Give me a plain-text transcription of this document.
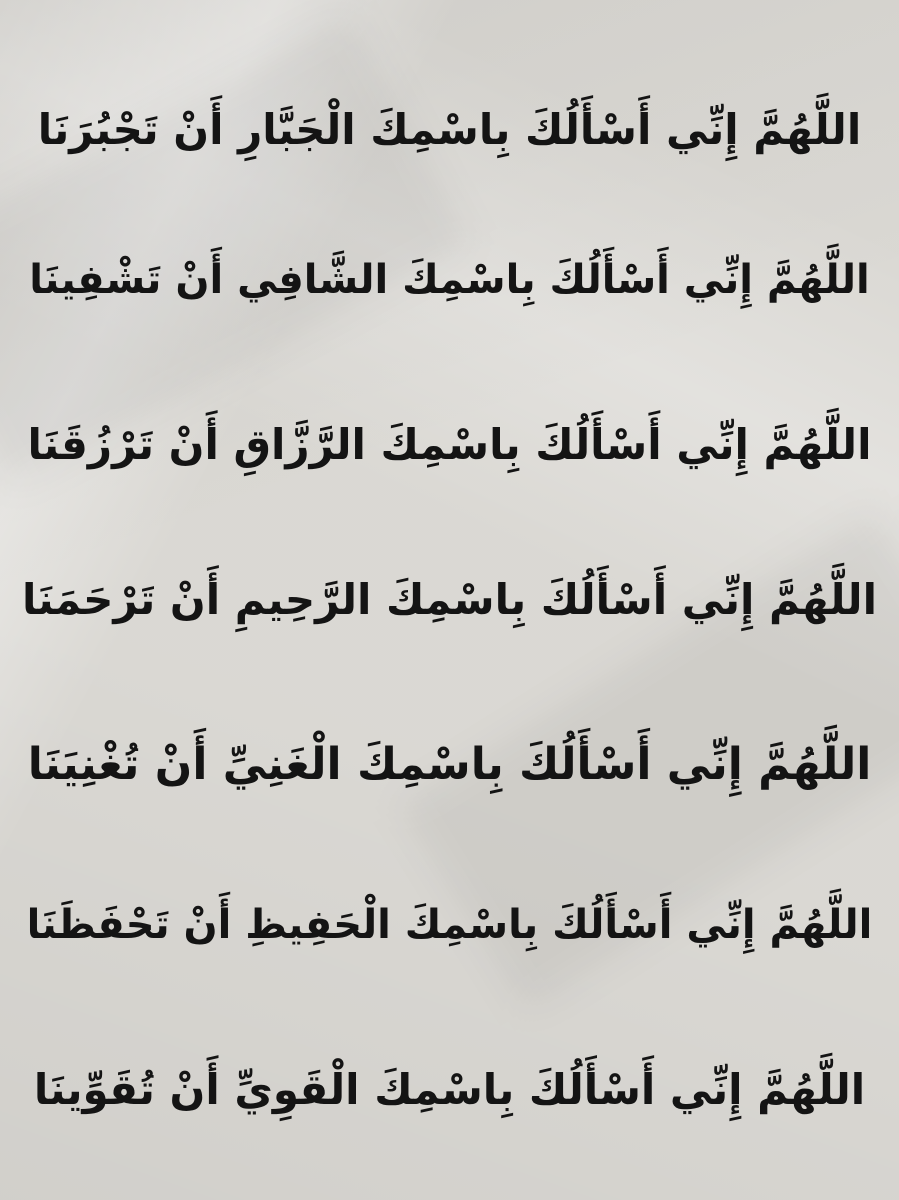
اللَّهُمَّ إِنِّي أَسْأَلُكَ بِاسْمِكَ الْجَبَّارِ أَنْ تَجْبُرَنَا
اللَّهُمَّ إِنِّي أَسْأَلُكَ بِاسْمِكَ الشَّافِي أَنْ تَشْفِينَا
اللَّهُمَّ إِنِّي أَسْأَلُكَ بِاسْمِكَ الرَّزَّاقِ أَنْ تَرْزُقَنَا
اللَّهُمَّ إِنِّي أَسْأَلُكَ بِاسْمِكَ الرَّحِيمِ أَنْ تَرْحَمَنَا
اللَّهُمَّ إِنِّي أَسْأَلُكَ بِاسْمِكَ الْغَنِيِّ أَنْ تُغْنِيَنَا
اللَّهُمَّ إِنِّي أَسْأَلُكَ بِاسْمِكَ الْحَفِيظِ أَنْ تَحْفَظَنَا
اللَّهُمَّ إِنِّي أَسْأَلُكَ بِاسْمِكَ الْقَوِيِّ أَنْ تُقَوِّينَا
